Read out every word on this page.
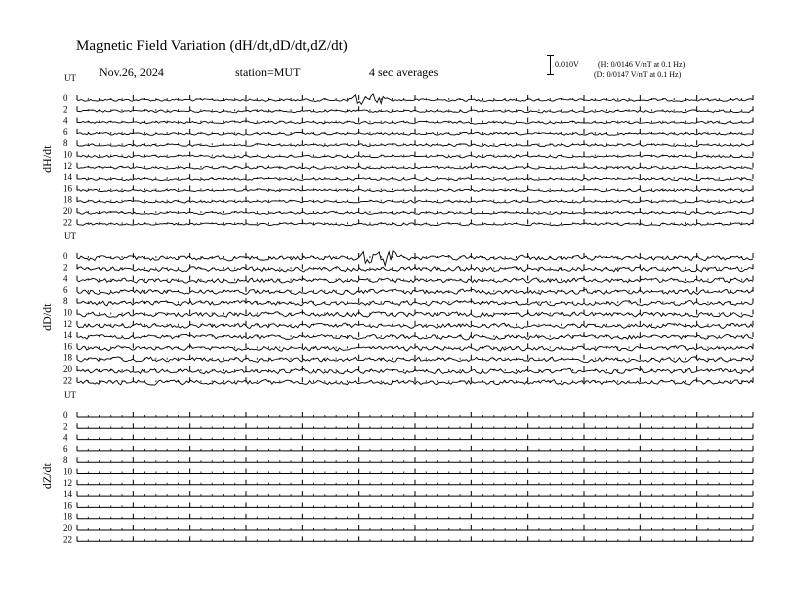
Magnetic Field Variation (dH/dt,dD/dt,dZ/dt)
Nov.26, 2024	station=MUT	4 sec averages
0.010V (H: 0/0146 V/nT at 0.1 Hz)
(D: 0/0147 V/nT at 0.1 Hz)
UT
dH/dt
0
2
4
6
8
10
12
14
16
18
20
22
UT
dD/dt
0
2
4
6
8
10
12
14
16
18
20
22
UT
dZ/dt
0
2
4
6
8
10
12
14
16
18
20
22
